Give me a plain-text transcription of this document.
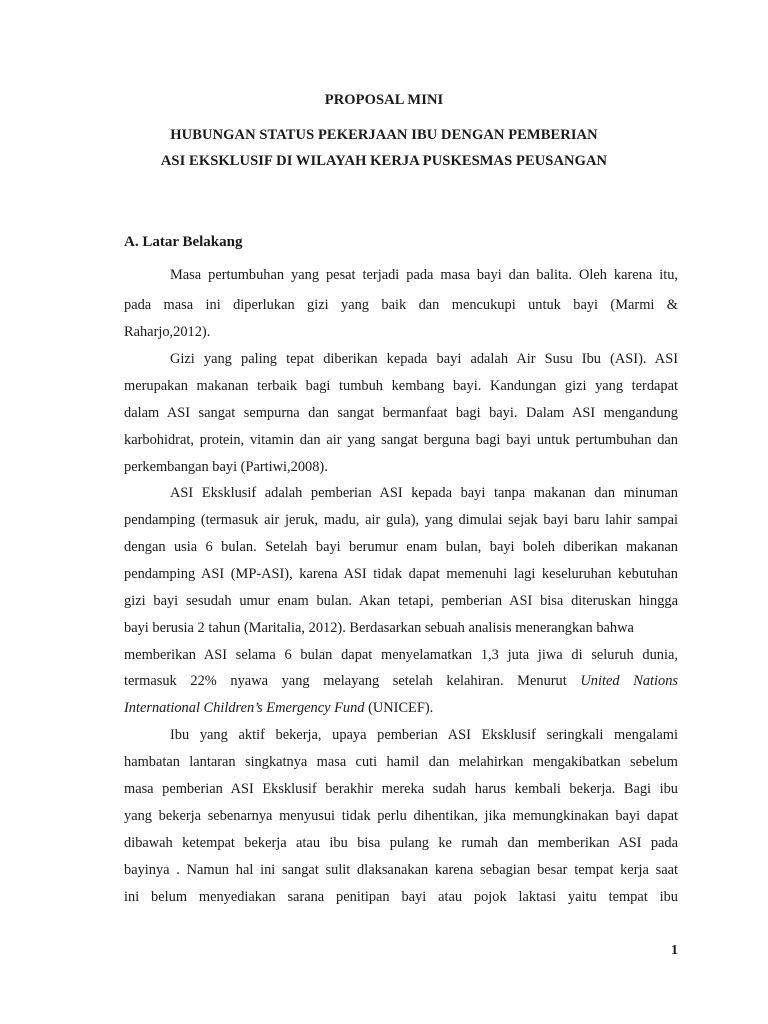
PROPOSAL MINI
HUBUNGAN STATUS PEKERJAAN IBU DENGAN PEMBERIAN
ASI EKSKLUSIF DI WILAYAH KERJA PUSKESMAS PEUSANGAN
A. Latar Belakang
Masa pertumbuhan yang pesat terjadi pada masa bayi dan balita. Oleh karena itu,
pada masa ini diperlukan gizi yang baik dan mencukupi untuk bayi (Marmi &
Raharjo,2012).
Gizi yang paling tepat diberikan kepada bayi adalah Air Susu Ibu (ASI). ASI
merupakan makanan terbaik bagi tumbuh kembang bayi. Kandungan gizi yang terdapat
dalam ASI sangat sempurna dan sangat bermanfaat bagi bayi. Dalam ASI mengandung
karbohidrat, protein, vitamin dan air yang sangat berguna bagi bayi untuk pertumbuhan dan
perkembangan bayi (Partiwi,2008).
ASI Eksklusif adalah pemberian ASI kepada bayi tanpa makanan dan minuman
pendamping (termasuk air jeruk, madu, air gula), yang dimulai sejak bayi baru lahir sampai
dengan usia 6 bulan. Setelah bayi berumur enam bulan, bayi boleh diberikan makanan
pendamping ASI (MP-ASI), karena ASI tidak dapat memenuhi lagi keseluruhan kebutuhan
gizi bayi sesudah umur enam bulan. Akan tetapi, pemberian ASI bisa diteruskan hingga
bayi berusia 2 tahun (Maritalia, 2012). Berdasarkan sebuah analisis menerangkan bahwa
memberikan ASI selama 6 bulan dapat menyelamatkan 1,3 juta jiwa di seluruh dunia,
termasuk 22% nyawa yang melayang setelah kelahiran. Menurut United Nations
International Children’s Emergency Fund (UNICEF).
Ibu yang aktif bekerja, upaya pemberian ASI Eksklusif seringkali mengalami
hambatan lantaran singkatnya masa cuti hamil dan melahirkan mengakibatkan sebelum
masa pemberian ASI Eksklusif berakhir mereka sudah harus kembali bekerja. Bagi ibu
yang bekerja sebenarnya menyusui tidak perlu dihentikan, jika memungkinakan bayi dapat
dibawah ketempat bekerja atau ibu bisa pulang ke rumah dan memberikan ASI pada
bayinya . Namun hal ini sangat sulit dlaksanakan karena sebagian besar tempat kerja saat
ini belum menyediakan sarana penitipan bayi atau pojok laktasi yaitu tempat ibu
1
